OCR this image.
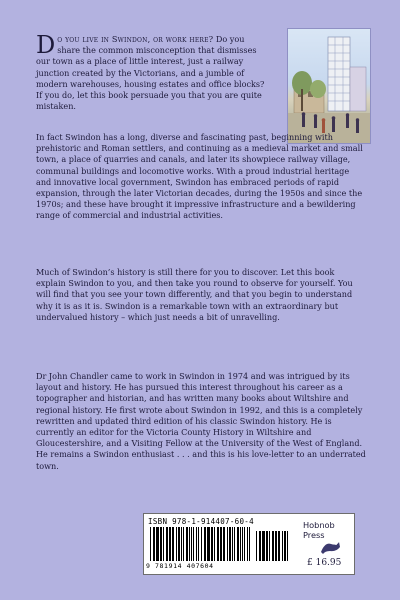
Do you live in Swindon, or work here? Do you share the common misconception that dismisses our town as a place of little interest, just a railway junction created by the Victorians, and a jumble of modern warehouses, housing estates and office blocks? If you do, let this book persuade you that you are quite mistaken.

In fact Swindon has a long, diverse and fascinating past, beginning with prehistoric and Roman settlers, and continuing as a medieval market and small town, a place of quarries and canals, and later its showpiece railway village, communal buildings and locomotive works. With a proud industrial heritage and innovative local government, Swindon has embraced periods of rapid expansion, through the later Victorian decades, during the 1950s and since the 1970s; and these have brought it impressive infrastructure and a bewildering range of commercial and industrial activities.

Much of Swindon’s history is still there for you to discover. Let this book explain Swindon to you, and then take you round to observe for yourself. You will find that you see your town differently, and that you begin to understand why it is as it is. Swindon is a remarkable town with an extraordinary but undervalued history – which just needs a bit of unravelling.

Dr John Chandler came to work in Swindon in 1974 and was intrigued by its layout and history. He has pursued this interest throughout his career as a topographer and historian, and has written many books about Wiltshire and regional history. He first wrote about Swindon in 1992, and this is a completely rewritten and updated third edition of his classic Swindon history. He is currently an editor for the Victoria County History in Wiltshire and Gloucestershire, and a Visiting Fellow at the University of the West of England. He remains a Swindon enthusiast . . . and this is his love-letter to an underrated town.

ISBN 978-1-914407-60-4
9 781914 407604
Hobnob
Press
£ 16.95
